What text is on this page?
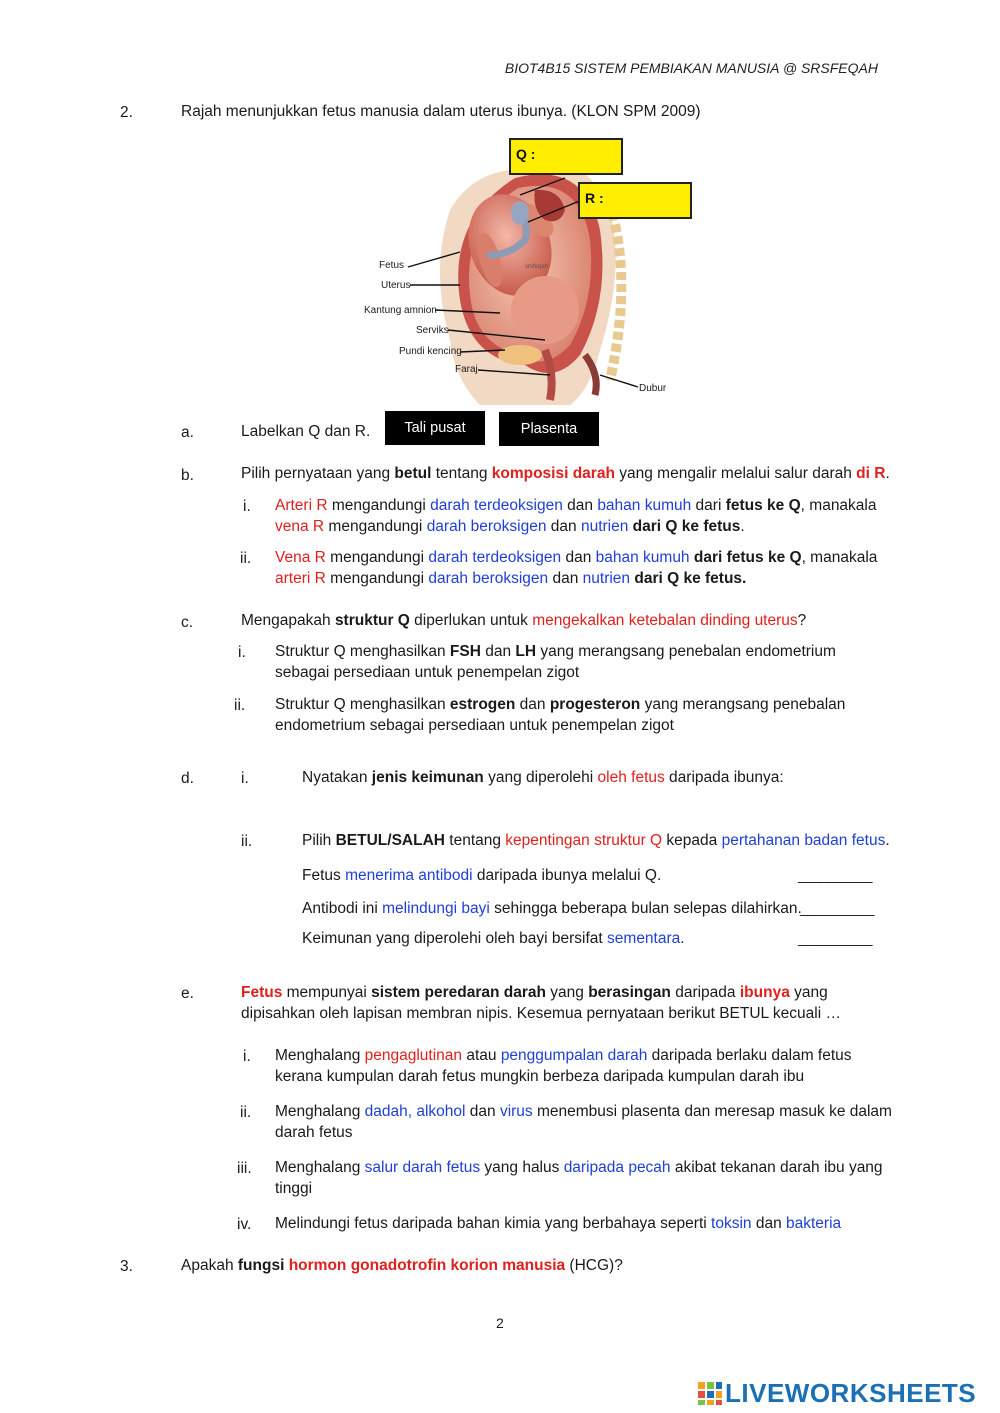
BIOT4B15 SISTEM PEMBIAKAN MANUSIA @ SRSFEQAH
2.	Rajah menunjukkan fetus manusia dalam uterus ibunya. (KLON SPM 2009)
srsfeqah
Fetus
Uterus
Kantung amnion
Serviks
Pundi kencing
Faraj
Dubur
Q :
R :
a.	Labelkan Q dan R.	Tali pusat	Plasenta
b.	Pilih pernyataan yang betul tentang komposisi darah yang mengalir melalui salur darah di R.
i. Arteri R mengandungi darah terdeoksigen dan bahan kumuh dari fetus ke Q, manakala
vena R mengandungi darah beroksigen dan nutrien dari Q ke fetus.
ii. Vena R mengandungi darah terdeoksigen dan bahan kumuh dari fetus ke Q, manakala
arteri R mengandungi darah beroksigen dan nutrien dari Q ke fetus.
c.	Mengapakah struktur Q diperlukan untuk mengekalkan ketebalan dinding uterus?
i. Struktur Q menghasilkan FSH dan LH yang merangsang penebalan endometrium
sebagai persediaan untuk penempelan zigot
ii. Struktur Q menghasilkan estrogen dan progesteron yang merangsang penebalan
endometrium sebagai persediaan untuk penempelan zigot
d.	i.	Nyatakan jenis keimunan yang diperolehi oleh fetus daripada ibunya:
ii.	Pilih BETUL/SALAH tentang kepentingan struktur Q kepada pertahanan badan fetus.
Fetus menerima antibodi daripada ibunya melalui Q.	__________
Antibodi ini melindungi bayi sehingga beberapa bulan selepas dilahirkan.
__________
Keimunan yang diperolehi oleh bayi bersifat sementara.	__________
e.	Fetus mempunyai sistem peredaran darah yang berasingan daripada ibunya yang
dipisahkan oleh lapisan membran nipis. Kesemua pernyataan berikut BETUL kecuali …
i. Menghalang pengaglutinan atau penggumpalan darah daripada berlaku dalam fetus
kerana kumpulan darah fetus mungkin berbeza daripada kumpulan darah ibu
ii. Menghalang dadah, alkohol dan virus menembusi plasenta dan meresap masuk ke dalam
darah fetus
iii. Menghalang salur darah fetus yang halus daripada pecah akibat tekanan darah ibu yang
tinggi
iv. Melindungi fetus daripada bahan kimia yang berbahaya seperti toksin dan bakteria
3.	Apakah fungsi hormon gonadotrofin korion manusia (HCG)?
2
LIVEWORKSHEETS
